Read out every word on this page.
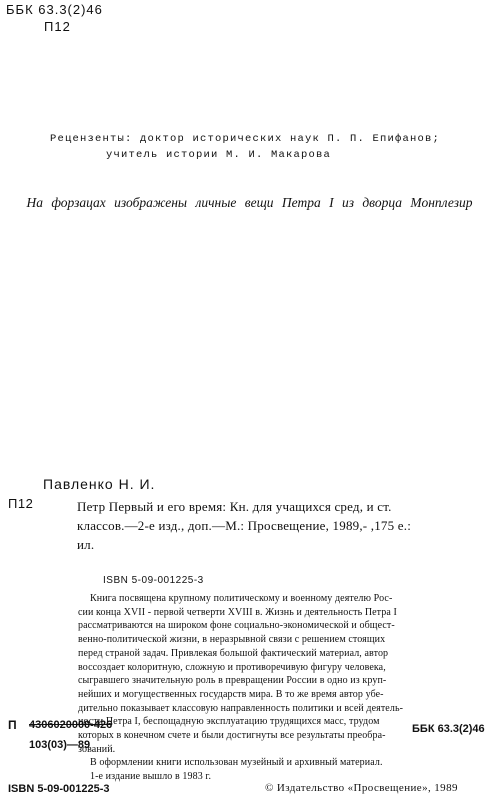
ББК 63.3(2)46
П12
Рецензенты: доктор исторических наук П. П. Епифанов;
учитель истории М. И. Макарова
На форзацах изображены личные вещи Петра I из дворца Монплезир
Павленко Н. И.
П12	Петр Первый и его время: Кн. для учащихся сред, и ст.
классов.—2-е изд., доп.—М.: Просвещение, 1989,- ,175 е.:
ил.
ISBN 5-09-001225-3
Книга посвящена крупному политическому и военному деятелю Рос-
сии конца XVII - первой четверти XVIII в. Жизнь и деятельность Петра I
рассматриваются на широком фоне социально-экономической и общест-
венно-политической жизни, в неразрывной связи с решением стоящих
перед страной задач. Привлекая большой фактический материал, автор
воссоздает колоритную, сложную и противоречивую фигуру человека,
сыгравшего значительную роль в превращении России в одно из круп-
нейших и могущественных государств мира. В то же время автор убе-
дительно показывает классовую направленность политики и всей деятель-
ности Петра I, беспощадную эксплуатацию трудящихся масс, трудом
которых в конечном счете и были достигнуты все результаты преобра-
зований.
В оформлении книги использован музейный и архивный материал.
1-е издание вышло в 1983 г.
П 4306020000-426
103(03)—89
ББК 63.3(2)46
ISBN 5-09-001225-3	© Издательство «Просвещение», 1989
